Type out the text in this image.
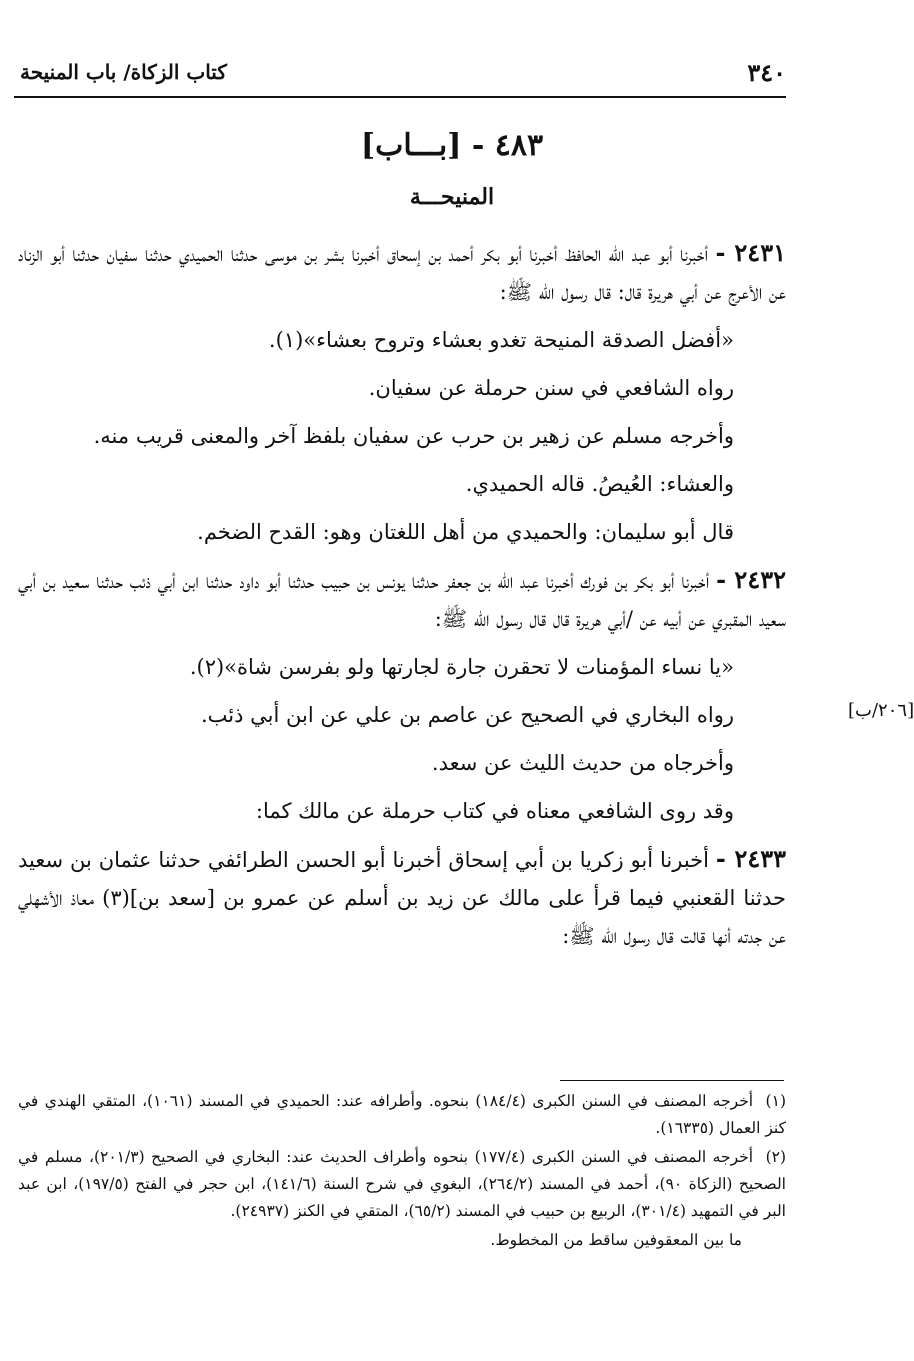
٣٤٠
كتاب الزكاة/ باب المنيحة
٤٨٣ - [بـــاب]
المنيحـــة

٢٤٣١ - أخبرنا أبو عبد الله الحافظ أخبرنا أبو بكر أحمد بن إسحاق أخبرنا بشر بن موسى حدثنا الحميدي حدثنا سفيان حدثنا أبو الزناد عن الأعرج عن أبي هريرة قال: قال رسول الله ﷺ:

«أفضل الصدقة المنيحة تغدو بعشاء وتروح بعشاء»(١).

رواه الشافعي في سنن حرملة عن سفيان.

وأخرجه مسلم عن زهير بن حرب عن سفيان بلفظ آخر والمعنى قريب منه.

والعشاء: العُيصُ. قاله الحميدي.

قال أبو سليمان: والحميدي من أهل اللغتان وهو: القدح الضخم.

٢٤٣٢ - أخبرنا أبو بكر بن فورك أخبرنا عبد الله بن جعفر حدثنا يونس بن حبيب حدثنا أبو داود حدثنا ابن أبي ذئب حدثنا سعيد بن أبي سعيد المقبري عن أبيه عن /أبي هريرة قال قال رسول الله ﷺ:

«يا نساء المؤمنات لا تحقرن جارة لجارتها ولو بفرسن شاة»(٢).

رواه البخاري في الصحيح عن عاصم بن علي عن ابن أبي ذئب.

وأخرجاه من حديث الليث عن سعد.

وقد روى الشافعي معناه في كتاب حرملة عن مالك كما:

٢٤٣٣ - أخبرنا أبو زكريا بن أبي إسحاق أخبرنا أبو الحسن الطرائفي حدثنا عثمان بن سعيد حدثنا القعنبي فيما قرأ على مالك عن زيد بن أسلم عن عمرو بن [سعد بن](٣) معاذ الأشهلي عن جدته أنها قالت قال رسول الله ﷺ:

[٢٠٦/ب]

(١) أخرجه المصنف في السنن الكبرى (١٨٤/٤) بنحوه. وأطرافه عند: الحميدي في المسند (١٠٦١)، المتقي الهندي في كنز العمال (١٦٣٣٥).

(٢) أخرجه المصنف في السنن الكبرى (١٧٧/٤) بنحوه وأطراف الحديث عند: البخاري في الصحيح (٢٠١/٣)، مسلم في الصحيح (الزكاة ٩٠)، أحمد في المسند (٢٦٤/٢)، البغوي في شرح السنة (١٤١/٦)، ابن حجر في الفتح (١٩٧/٥)، ابن عبد البر في التمهيد (٣٠١/٤)، الربيع بن حبيب في المسند (٦٥/٢)، المتقي في الكنز (٢٤٩٣٧).

ما بين المعقوفين ساقط من المخطوط.
